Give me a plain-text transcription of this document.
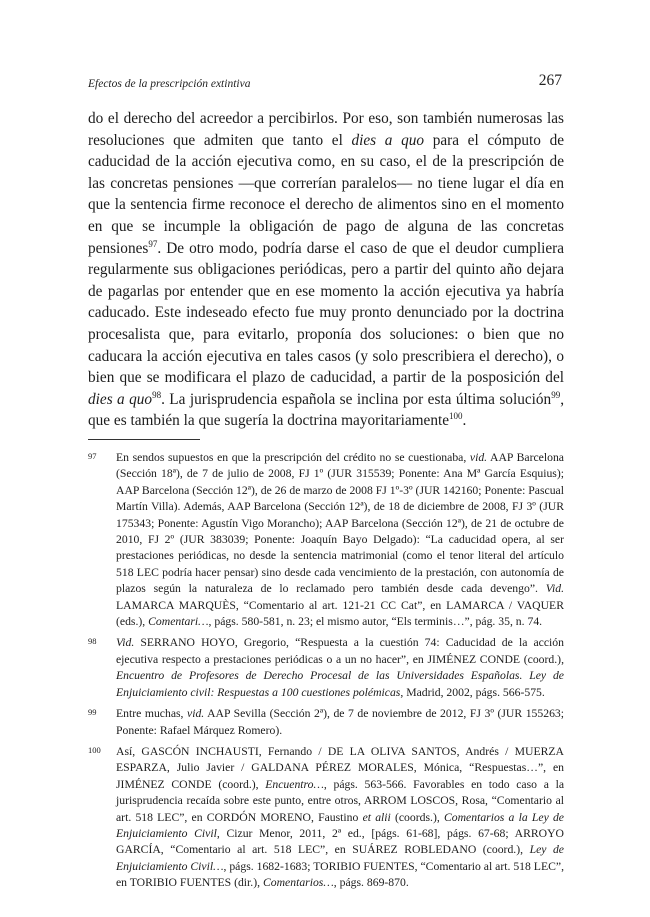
Efectos de la prescripción extintiva	267

do el derecho del acreedor a percibirlos. Por eso, son también numerosas las resoluciones que admiten que tanto el dies a quo para el cómputo de caducidad de la acción ejecutiva como, en su caso, el de la prescripción de las concretas pensiones —que correrían paralelos— no tiene lugar el día en que la sentencia firme reconoce el derecho de alimentos sino en el momento en que se incumple la obligación de pago de alguna de las concretas pensiones$^{97}$. De otro modo, podría darse el caso de que el deudor cumpliera regularmente sus obligaciones periódicas, pero a partir del quinto año dejara de pagarlas por entender que en ese momento la acción ejecutiva ya habría caducado. Este indeseado efecto fue muy pronto denunciado por la doctrina procesalista que, para evitarlo, proponía dos soluciones: o bien que no caducara la acción ejecutiva en tales casos (y solo prescribiera el derecho), o bien que se modificara el plazo de caducidad, a partir de la posposición del dies a quo$^{98}$. La jurisprudencia española se inclina por esta última solución$^{99}$, que es también la que sugería la doctrina mayoritariamente$^{100}$.

97 En sendos supuestos en que la prescripción del crédito no se cuestionaba, vid. AAP Barcelona (Sección 18ª), de 7 de julio de 2008, FJ 1º (JUR 315539; Ponente: Ana Mª García Esquius); AAP Barcelona (Sección 12ª), de 26 de marzo de 2008 FJ 1º-3º (JUR 142160; Ponente: Pascual Martín Villa). Además, AAP Barcelona (Sección 12ª), de 18 de diciembre de 2008, FJ 3º (JUR 175343; Ponente: Agustín Vigo Morancho); AAP Barcelona (Sección 12ª), de 21 de octubre de 2010, FJ 2º (JUR 383039; Ponente: Joaquín Bayo Delgado): “La caducidad opera, al ser prestaciones periódicas, no desde la sentencia matrimonial (como el tenor literal del artículo 518 LEC podría hacer pensar) sino desde cada vencimiento de la prestación, con autonomía de plazos según la naturaleza de lo reclamado pero también desde cada devengo”. Vid. LAMARCA MARQUÈS, “Comentario al art. 121-21 CC Cat”, en LAMARCA / VAQUER (eds.), Comentari…, págs. 580-581, n. 23; el mismo autor, “Els terminis…”, pág. 35, n. 74.

98 Vid. SERRANO HOYO, Gregorio, “Respuesta a la cuestión 74: Caducidad de la acción ejecutiva respecto a prestaciones periódicas o a un no hacer”, en JIMÉNEZ CONDE (coord.), Encuentro de Profesores de Derecho Procesal de las Universidades Españolas. Ley de Enjuiciamiento civil: Respuestas a 100 cuestiones polémicas, Madrid, 2002, págs. 566-575.

99 Entre muchas, vid. AAP Sevilla (Sección 2ª), de 7 de noviembre de 2012, FJ 3º (JUR 155263; Ponente: Rafael Márquez Romero).

100 Así, GASCÓN INCHAUSTI, Fernando / DE LA OLIVA SANTOS, Andrés / MUERZA ESPARZA, Julio Javier / GALDANA PÉREZ MORALES, Mónica, “Respuestas…”, en JIMÉNEZ CONDE (coord.), Encuentro…, págs. 563-566. Favorables en todo caso a la jurisprudencia recaída sobre este punto, entre otros, ARROM LOSCOS, Rosa, “Comentario al art. 518 LEC”, en CORDÓN MORENO, Faustino et alii (coords.), Comentarios a la Ley de Enjuiciamiento Civil, Cizur Menor, 2011, 2ª ed., [págs. 61-68], págs. 67-68; ARROYO GARCÍA, “Comentario al art. 518 LEC”, en SUÁREZ ROBLEDANO (coord.), Ley de Enjuiciamiento Civil…, págs. 1682-1683; TORIBIO FUENTES, “Comentario al art. 518 LEC”, en TORIBIO FUENTES (dir.), Comentarios…, págs. 869-870.
